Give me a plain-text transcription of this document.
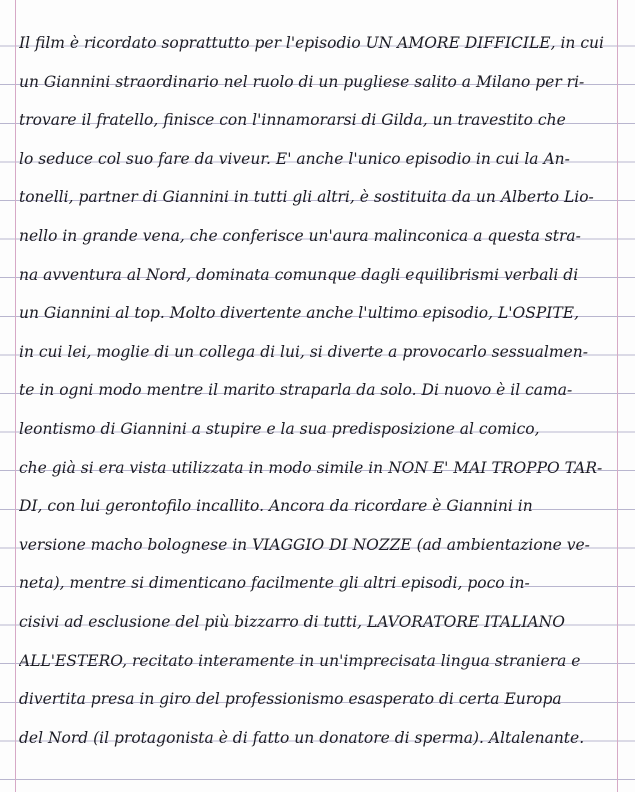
Il film è ricordato soprattutto per l'episodio UN AMORE DIFFICILE, in cui
un Giannini straordinario nel ruolo di un pugliese salito a Milano per ri-
trovare il fratello, finisce con l'innamorarsi di Gilda, un travestito che
lo seduce col suo fare da viveur. E' anche l'unico episodio in cui la An-
tonelli, partner di Giannini in tutti gli altri, è sostituita da un Alberto Lio-
nello in grande vena, che conferisce un'aura malinconica a questa stra-
na avventura al Nord, dominata comunque dagli equilibrismi verbali di
un Giannini al top. Molto divertente anche l'ultimo episodio, L'OSPITE,
in cui lei, moglie di un collega di lui, si diverte a provocarlo sessualmen-
te in ogni modo mentre il marito straparla da solo. Di nuovo è il cama-
leontismo di Giannini a stupire e la sua predisposizione al comico,
che già si era vista utilizzata in modo simile in NON E' MAI TROPPO TAR-
DI, con lui gerontofilo incallito. Ancora da ricordare è Giannini in
versione macho bolognese in VIAGGIO DI NOZZE (ad ambientazione ve-
neta), mentre si dimenticano facilmente gli altri episodi, poco in-
cisivi ad esclusione del più bizzarro di tutti, LAVORATORE ITALIANO
ALL'ESTERO, recitato interamente in un'imprecisata lingua straniera e
divertita presa in giro del professionismo esasperato di certa Europa
del Nord (il protagonista è di fatto un donatore di sperma). Altalenante.
